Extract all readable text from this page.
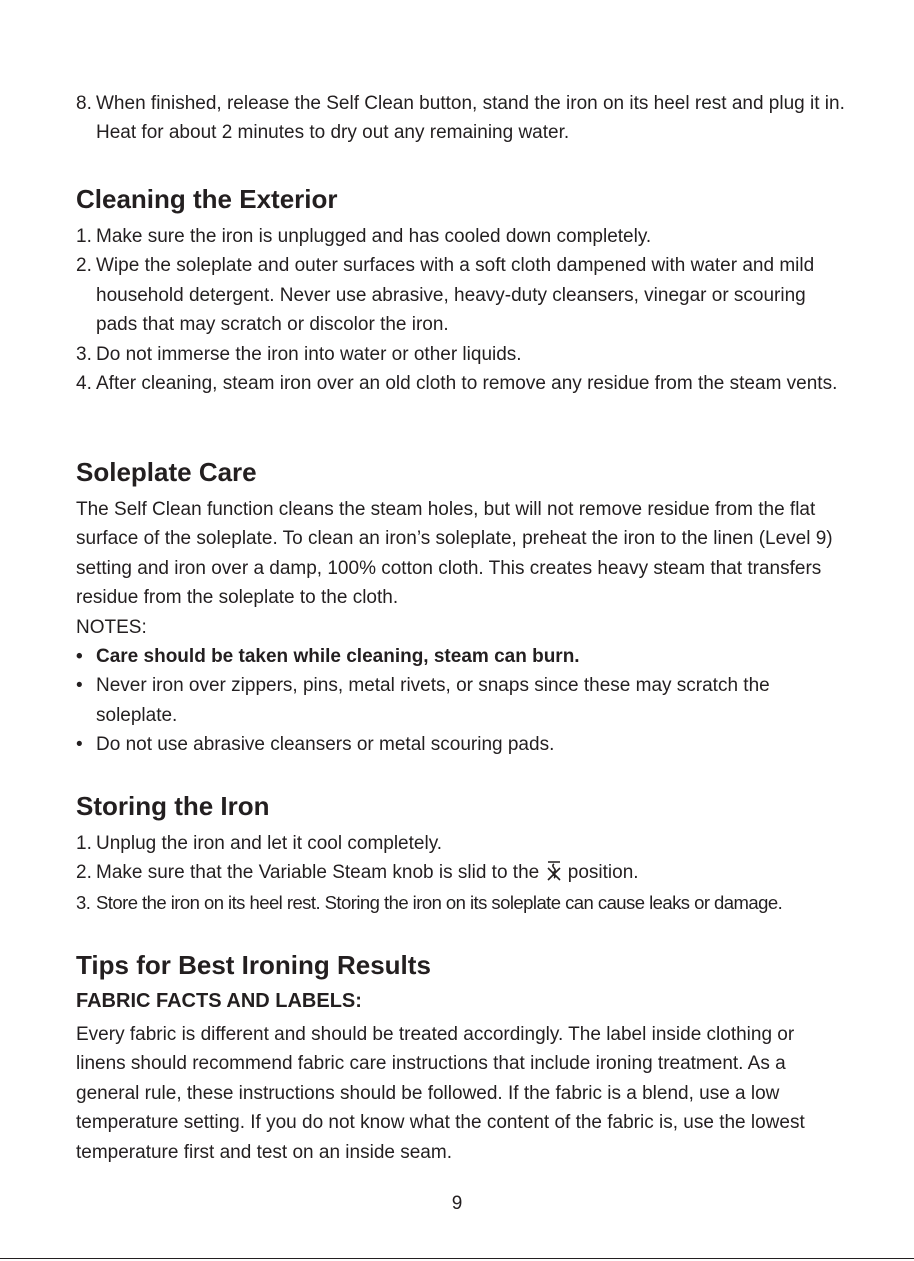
8. When finished, release the Self Clean button, stand the iron on its heel rest and plug it in. Heat for about 2 minutes to dry out any remaining water.
Cleaning the Exterior
1. Make sure the iron is unplugged and has cooled down completely.
2. Wipe the soleplate and outer surfaces with a soft cloth dampened with water and mild household detergent. Never use abrasive, heavy-duty cleansers, vinegar or scouring pads that may scratch or discolor the iron.
3. Do not immerse the iron into water or other liquids.
4. After cleaning, steam iron over an old cloth to remove any residue from the steam vents.
Soleplate Care

The Self Clean function cleans the steam holes, but will not remove residue from the flat surface of the soleplate. To clean an iron’s soleplate, preheat the iron to the linen (Level 9) setting and iron over a damp, 100% cotton cloth. This creates heavy steam that transfers residue from the soleplate to the cloth.

NOTES:
• Care should be taken while cleaning, steam can burn.
• Never iron over zippers, pins, metal rivets, or snaps since these may scratch the soleplate.
• Do not use abrasive cleansers or metal scouring pads.
Storing the Iron
1. Unplug the iron and let it cool completely.
2. Make sure that the Variable Steam knob is slid to the position.
3. Store the iron on its heel rest. Storing the iron on its soleplate can cause leaks or damage.
Tips for Best Ironing Results
FABRIC FACTS AND LABELS:

Every fabric is different and should be treated accordingly. The label inside clothing or linens should recommend fabric care instructions that include ironing treatment. As a general rule, these instructions should be followed. If the fabric is a blend, use a low temperature setting. If you do not know what the content of the fabric is, use the lowest temperature first and test on an inside seam.

9
